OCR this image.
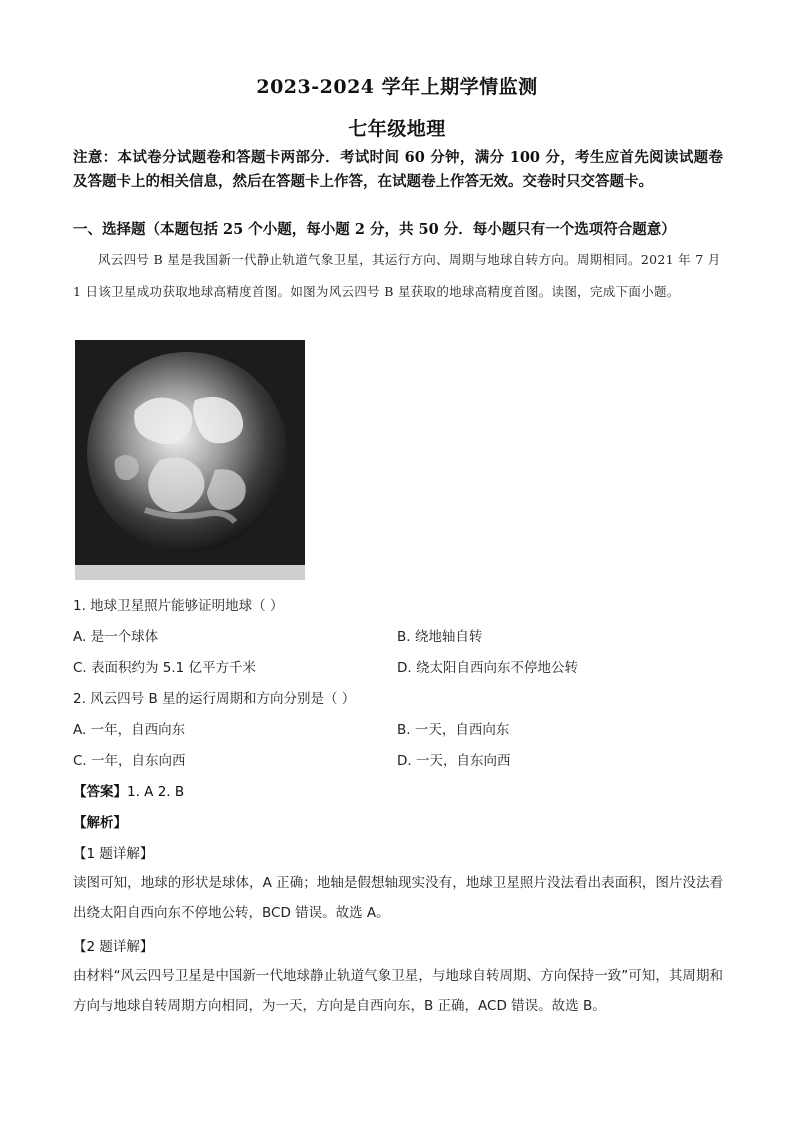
2023-2024 学年上期学情监测
七年级地理
注意：本试卷分试题卷和答题卡两部分．考试时间 60 分钟，满分 100 分，考生应首先阅读试题卷及答题卡上的相关信息，然后在答题卡上作答，在试题卷上作答无效。交卷时只交答题卡。
一、选择题（本题包括 25 个小题，每小题 2 分，共 50 分．每小题只有一个选项符合题意）
风云四号 B 星是我国新一代静止轨道气象卫星，其运行方向、周期与地球自转方向。周期相同。2021 年 7 月 1 日该卫星成功获取地球高精度首图。如图为风云四号 B 星获取的地球高精度首图。读图，完成下面小题。
1. 地球卫星照片能够证明地球（ ）
A. 是一个球体	B. 绕地轴自转
C. 表面积约为 5.1 亿平方千米	D. 绕太阳自西向东不停地公转
2. 风云四号 B 星的运行周期和方向分别是（ ）
A. 一年，自西向东	B. 一天，自西向东
C. 一年，自东向西	D. 一天，自东向西
【答案】1. A 2. B
【解析】
【1 题详解】
读图可知，地球的形状是球体，A 正确；地轴是假想轴现实没有，地球卫星照片没法看出表面积，图片没法看出绕太阳自西向东不停地公转，BCD 错误。故选 A。
【2 题详解】
由材料“风云四号卫星是中国新一代地球静止轨道气象卫星，与地球自转周期、方向保持一致”可知，其周期和方向与地球自转周期方向相同，为一天，方向是自西向东，B 正确，ACD 错误。故选 B。
